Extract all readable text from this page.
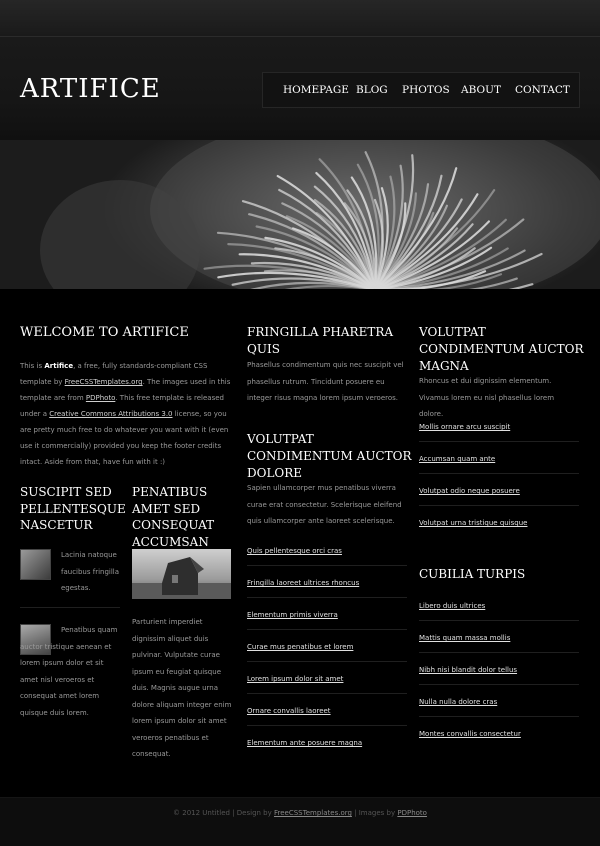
ARTIFICE	HOMEPAGE BLOG PHOTOS ABOUT CONTACT
WELCOME TO ARTIFICE

This is Artifice, a free, fully standards-compliant CSS template by FreeCSSTemplates.org. The images used in this template are from PDPhoto. This free template is released under a Creative Commons Attributions 3.0 license, so you are pretty much free to do whatever you want with it (even use it commercially) provided you keep the footer credits intact. Aside from that, have fun with it :)

SUSCIPIT SED PELLENTESQUE NASCETUR

Lacinia natoque faucibus fringilla egestas.

Penatibus quam auctor tristique aenean et lorem ipsum dolor et sit amet nisl veroeros et consequat amet lorem quisque duis lorem.

PENATIBUS AMET SED CONSEQUAT ACCUMSAN

Parturient imperdiet dignissim aliquet duis pulvinar. Vulputate curae ipsum eu feugiat quisque duis. Magnis augue urna dolore aliquam integer enim lorem ipsum dolor sit amet veroeros penatibus et consequat.

FRINGILLA PHARETRA QUIS

Phasellus condimentum quis nec suscipit vel phasellus rutrum. Tincidunt posuere eu integer risus magna lorem ipsum veroeros.

VOLUTPAT CONDIMENTUM AUCTOR DOLORE

Sapien ullamcorper mus penatibus viverra curae erat consectetur. Scelerisque eleifend quis ullamcorper ante laoreet scelerisque.

Quis pellentesque orci cras
Fringilla laoreet ultrices rhoncus
Elementum primis viverra
Curae mus penatibus et lorem
Lorem ipsum dolor sit amet
Ornare convallis laoreet
Elementum ante posuere magna
VOLUTPAT CONDIMENTUM AUCTOR MAGNA

Rhoncus et dui dignissim elementum. Vivamus lorem eu nisl phasellus lorem dolore.

Mollis ornare arcu suscipit
Accumsan quam ante
Volutpat odio neque posuere
Volutpat urna tristique quisque
CUBILIA TURPIS
Libero duis ultrices
Mattis quam massa mollis
Nibh nisi blandit dolor tellus
Nulla nulla dolore cras
Montes convallis consectetur

© 2012 Untitled | Design by FreeCSSTemplates.org | Images by PDPhoto
